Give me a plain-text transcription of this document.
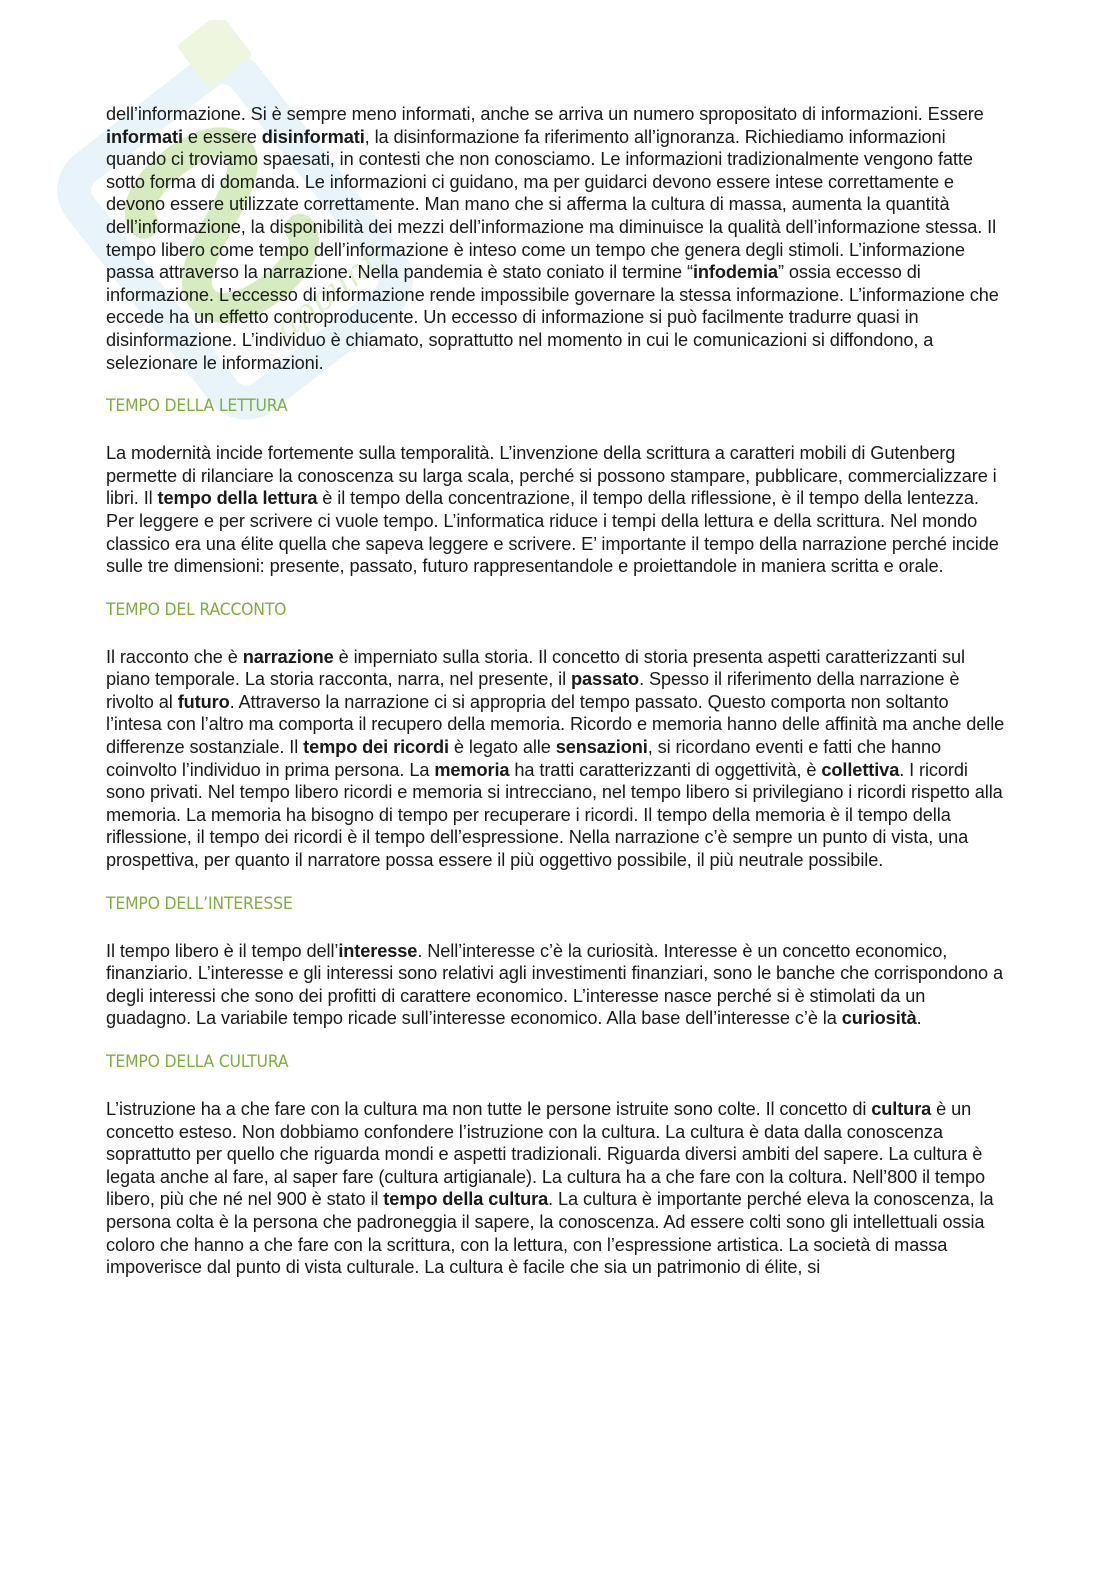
appunti

dell’informazione. Si è sempre meno informati, anche se arriva un numero spropositato di informazioni. Essere informati e essere disinformati, la disinformazione fa riferimento all’ignoranza. Richiediamo informazioni quando ci troviamo spaesati, in contesti che non conosciamo. Le informazioni tradizionalmente vengono fatte sotto forma di domanda. Le informazioni ci guidano, ma per guidarci devono essere intese correttamente e devono essere utilizzate correttamente. Man mano che si afferma la cultura di massa, aumenta la quantità dell’informazione, la disponibilità dei mezzi dell’informazione ma diminuisce la qualità dell’informazione stessa. Il tempo libero come tempo dell’informazione è inteso come un tempo che genera degli stimoli. L’informazione passa attraverso la narrazione. Nella pandemia è stato coniato il termine “infodemia” ossia eccesso di informazione. L’eccesso di informazione rende impossibile governare la stessa informazione. L’informazione che eccede ha un effetto controproducente. Un eccesso di informazione si può facilmente tradurre quasi in disinformazione. L’individuo è chiamato, soprattutto nel momento in cui le comunicazioni si diffondono, a selezionare le informazioni.

TEMPO DELLA LETTURA

La modernità incide fortemente sulla temporalità. L’invenzione della scrittura a caratteri mobili di Gutenberg permette di rilanciare la conoscenza su larga scala, perché si possono stampare, pubblicare, commercializzare i libri. Il tempo della lettura è il tempo della concentrazione, il tempo della riflessione, è il tempo della lentezza. Per leggere e per scrivere ci vuole tempo. L’informatica riduce i tempi della lettura e della scrittura. Nel mondo classico era una élite quella che sapeva leggere e scrivere. E’ importante il tempo della narrazione perché incide sulle tre dimensioni: presente, passato, futuro rappresentandole e proiettandole in maniera scritta e orale.

TEMPO DEL RACCONTO

Il racconto che è narrazione è imperniato sulla storia. Il concetto di storia presenta aspetti caratterizzanti sul piano temporale. La storia racconta, narra, nel presente, il passato. Spesso il riferimento della narrazione è rivolto al futuro. Attraverso la narrazione ci si appropria del tempo passato. Questo comporta non soltanto l’intesa con l’altro ma comporta il recupero della memoria. Ricordo e memoria hanno delle affinità ma anche delle differenze sostanziale. Il tempo dei ricordi è legato alle sensazioni, si ricordano eventi e fatti che hanno coinvolto l’individuo in prima persona. La memoria ha tratti caratterizzanti di oggettività, è collettiva. I ricordi sono privati. Nel tempo libero ricordi e memoria si intrecciano, nel tempo libero si privilegiano i ricordi rispetto alla memoria. La memoria ha bisogno di tempo per recuperare i ricordi. Il tempo della memoria è il tempo della riflessione, il tempo dei ricordi è il tempo dell’espressione. Nella narrazione c’è sempre un punto di vista, una prospettiva, per quanto il narratore possa essere il più oggettivo possibile, il più neutrale possibile.

TEMPO DELL’INTERESSE

Il tempo libero è il tempo dell’interesse. Nell’interesse c’è la curiosità. Interesse è un concetto economico, finanziario. L’interesse e gli interessi sono relativi agli investimenti finanziari, sono le banche che corrispondono a degli interessi che sono dei profitti di carattere economico. L’interesse nasce perché si è stimolati da un guadagno. La variabile tempo ricade sull’interesse economico. Alla base dell’interesse c’è la curiosità.

TEMPO DELLA CULTURA

L’istruzione ha a che fare con la cultura ma non tutte le persone istruite sono colte. Il concetto di cultura è un concetto esteso. Non dobbiamo confondere l’istruzione con la cultura. La cultura è data dalla conoscenza soprattutto per quello che riguarda mondi e aspetti tradizionali. Riguarda diversi ambiti del sapere. La cultura è legata anche al fare, al saper fare (cultura artigianale). La cultura ha a che fare con la coltura. Nell’800 il tempo libero, più che né nel 900 è stato il tempo della cultura. La cultura è importante perché eleva la conoscenza, la persona colta è la persona che padroneggia il sapere, la conoscenza. Ad essere colti sono gli intellettuali ossia coloro che hanno a che fare con la scrittura, con la lettura, con l’espressione artistica. La società di massa impoverisce dal punto di vista culturale. La cultura è facile che sia un patrimonio di élite, si
